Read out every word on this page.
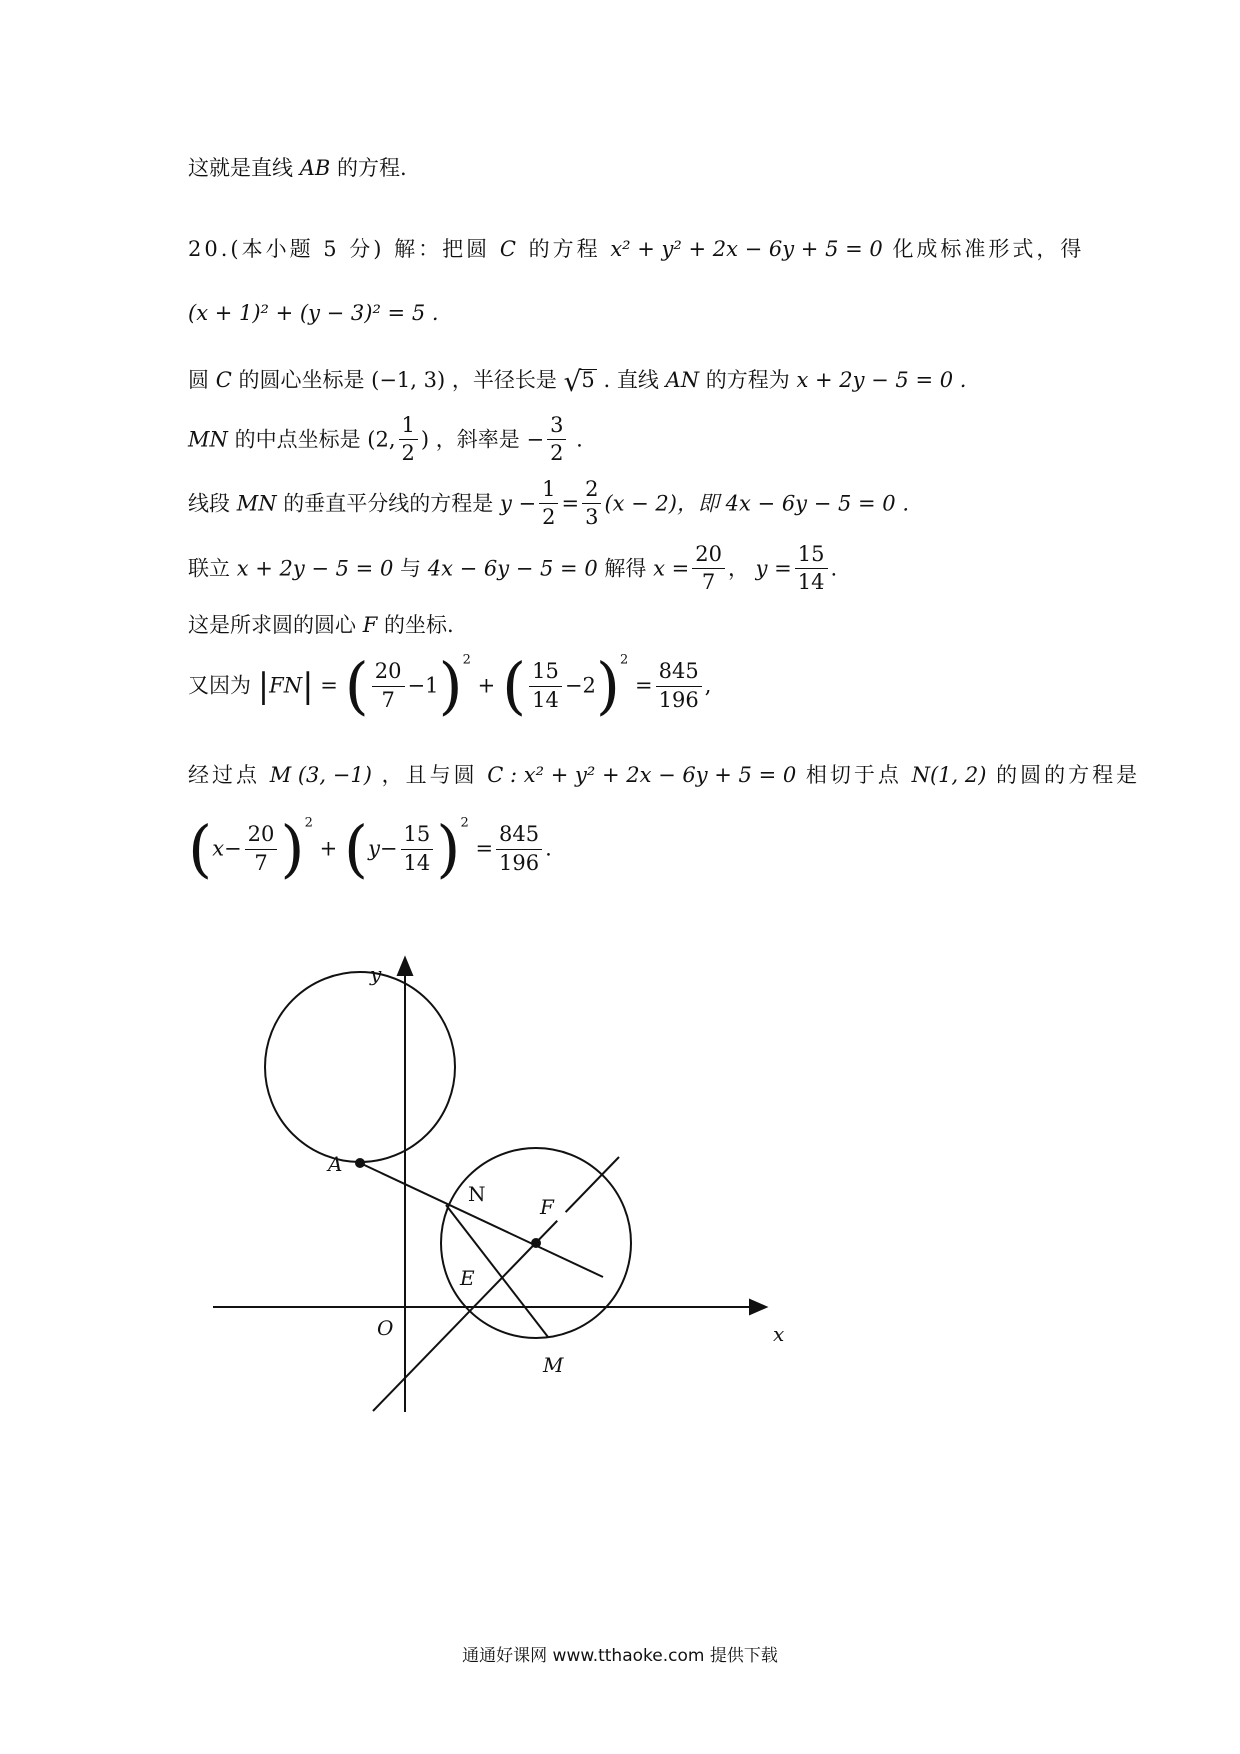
这就是直线 AB 的方程.
20.(本小题 5 分) 解：把圆 C 的方程 x² + y² + 2x − 6y + 5 = 0 化成标准形式，得
(x + 1)² + (y − 3)² = 5 .
圆 C 的圆心坐标是 (−1, 3) ，半径长是 √5 . 直线 AN 的方程为 x + 2y − 5 = 0 .
MN 的中点坐标是 (2, $\frac{1}{2}$ ) ，斜率是 − $\frac{3}{2}$ .
线段 MN 的垂直平分线的方程是 $y - \frac{1}{2} = \frac{2}{3} (x - 2)$，即 4x − 6y − 5 = 0 .
联立 x + 2y − 5 = 0 与 4x − 6y − 5 = 0 解得 $x = \frac{20}{7}$ ， $y = \frac{15}{14}$ .
这是所求圆的圆心 F 的坐标.
又因为 |FN| = ( $\frac{20}{7} -1)^2$ + ( $\frac{15}{14} -2)^2 = \frac{845}{196}$ ,
经过点 M (3, −1) ，且与圆 C : x² + y² + 2x − 6y + 5 = 0 相切于点 N(1, 2) 的圆的方程是
$(x- \frac{20}{7} )^2 + (y- \frac{15}{14} )^2 = \frac{845}{196}$ .
y
x
O
A
N
F
E
M
通通好课网 www.tthaoke.com 提供下载
